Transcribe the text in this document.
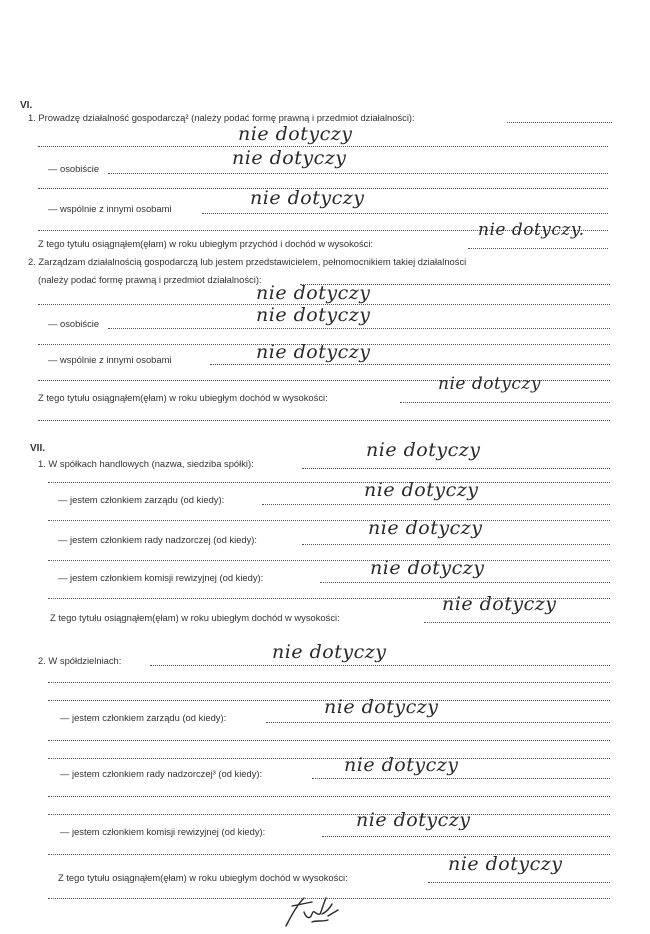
VI.
1. Prowadzę działalność gospodarczą² (należy podać formę prawną i przedmiot działalności):
nie dotyczy
— osobiście	nie dotyczy
— wspólnie z innymi osobami	nie dotyczy
Z tego tytułu osiągnąłem(ęłam) w roku ubiegłym przychód i dochód w wysokości:
nie dotyczy.
2. Zarządzam działalnością gospodarczą lub jestem przedstawicielem, pełnomocnikiem takiej działalności
(należy podać formę prawną i przedmiot działalności):
nie dotyczy
— osobiście	nie dotyczy
— wspólnie z innymi osobami	nie dotyczy
Z tego tytułu osiągnąłem(ęłam) w roku ubiegłym dochód w wysokości:
nie dotyczy
VII.
1. W spółkach handlowych (nazwa, siedziba spółki):
nie dotyczy
— jestem członkiem zarządu (od kiedy):	nie dotyczy
— jestem członkiem rady nadzorczej (od kiedy):
nie dotyczy
— jestem członkiem komisji rewizyjnej (od kiedy):	nie dotyczy
Z tego tytułu osiągnąłem(ęłam) w roku ubiegłym dochód w wysokości:
nie dotyczy
2. W spółdzielniach:	nie dotyczy
— jestem członkiem zarządu (od kiedy):	nie dotyczy
— jestem członkiem rady nadzorczej³ (od kiedy):	nie dotyczy
— jestem członkiem komisji rewizyjnej (od kiedy):
nie dotyczy
Z tego tytułu osiągnąłem(ęłam) w roku ubiegłym dochód w wysokości:
nie dotyczy
